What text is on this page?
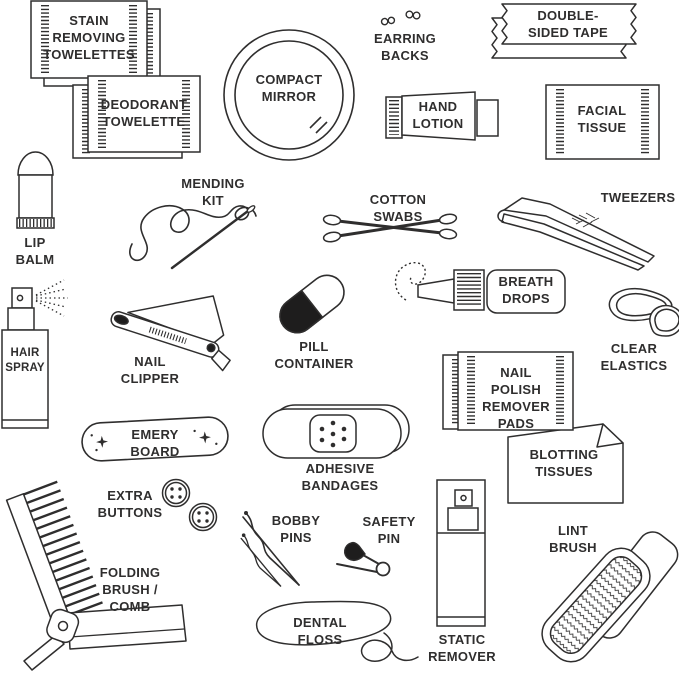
STAIN
REMOVING
TOWELETTES
DEODORANT
TOWELETTE
COMPACT
MIRROR
EARRING
BACKS
DOUBLE-
SIDED TAPE
HAND
LOTION
FACIAL
TISSUE
LIP BALM
MENDING KIT	COTTON SWABS
TWEEZERS
HAIR
SPRAY	NAIL
CLIPPER
PILL CONTAINER
BREATH
DROPS
CLEAR
ELASTICS
EMERY BOARD
ADHESIVE BANDAGES
BLOTTING
TISSUES
NAIL POLISH
REMOVER
PADS
EXTRA
BUTTONS
FOLDING
BRUSH / COMB
BOBBY
PINS
SAFETY
PIN
DENTAL FLOSS	STATIC
REMOVER
LINT
BRUSH
